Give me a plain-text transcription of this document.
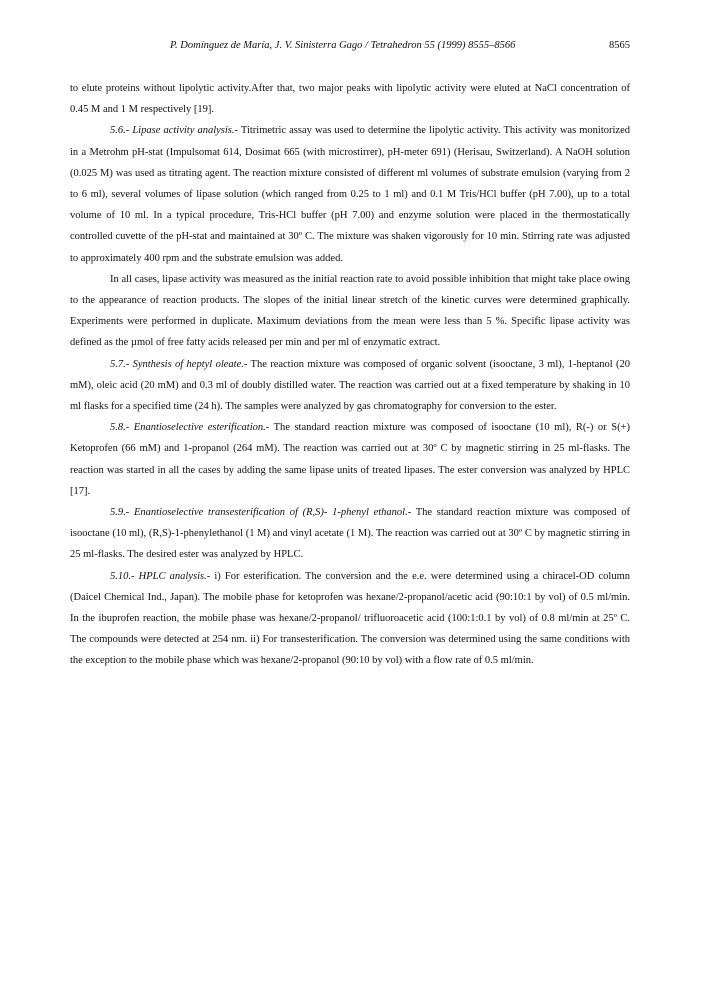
P. Domínguez de María, J. V. Sinisterra Gago / Tetrahedron 55 (1999) 8555–8566	8565

to elute proteins without lipolytic activity.After that, two major peaks with lipolytic activity were eluted at NaCl concentration of 0.45 M and 1 M respectively [19].

5.6.- Lipase activity analysis.- Titrimetric assay was used to determine the lipolytic activity. This activity was monitorized in a Metrohm pH-stat (Impulsomat 614, Dosimat 665 (with microstirrer), pH-meter 691) (Herisau, Switzerland). A NaOH solution (0.025 M) was used as titrating agent. The reaction mixture consisted of different ml volumes of substrate emulsion (varying from 2 to 6 ml), several volumes of lipase solution (which ranged from 0.25 to 1 ml) and 0.1 M Tris/HCl buffer (pH 7.00), up to a total volume of 10 ml. In a typical procedure, Tris-HCl buffer (pH 7.00) and enzyme solution were placed in the thermostatically controlled cuvette of the pH-stat and maintained at 30º C. The mixture was shaken vigorously for 10 min. Stirring rate was adjusted to approximately 400 rpm and the substrate emulsion was added.

In all cases, lipase activity was measured as the initial reaction rate to avoid possible inhibition that might take place owing to the appearance of reaction products. The slopes of the initial linear stretch of the kinetic curves were determined graphically. Experiments were performed in duplicate. Maximum deviations from the mean were less than 5 %. Specific lipase activity was defined as the µmol of free fatty acids released per min and per ml of enzymatic extract.

5.7.- Synthesis of heptyl oleate.- The reaction mixture was composed of organic solvent (isooctane, 3 ml), 1-heptanol (20 mM), oleic acid (20 mM) and 0.3 ml of doubly distilled water. The reaction was carried out at a fixed temperature by shaking in 10 ml flasks for a specified time (24 h). The samples were analyzed by gas chromatography for conversion to the ester.

5.8.- Enantioselective esterification.- The standard reaction mixture was composed of isooctane (10 ml), R(-) or S(+) Ketoprofen (66 mM) and 1-propanol (264 mM). The reaction was carried out at 30º C by magnetic stirring in 25 ml-flasks. The reaction was started in all the cases by adding the same lipase units of treated lipases. The ester conversion was analyzed by HPLC [17].

5.9.- Enantioselective transesterification of (R,S)- 1-phenyl ethanol.- The standard reaction mixture was composed of isooctane (10 ml), (R,S)-1-phenylethanol (1 M) and vinyl acetate (1 M). The reaction was carried out at 30º C by magnetic stirring in 25 ml-flasks. The desired ester was analyzed by HPLC.

5.10.- HPLC analysis.- i) For esterification. The conversion and the e.e. were determined using a chiracel-OD column (Daicel Chemical Ind., Japan). The mobile phase for ketoprofen was hexane/2-propanol/acetic acid (90:10:1 by vol) of 0.5 ml/min. In the ibuprofen reaction, the mobile phase was hexane/2-propanol/ trifluoroacetic acid (100:1:0.1 by vol) of 0.8 ml/min at 25º C. The compounds were detected at 254 nm. ii) For transesterification. The conversion was determined using the same conditions with the exception to the mobile phase which was hexane/2-propanol (90:10 by vol) with a flow rate of 0.5 ml/min.
